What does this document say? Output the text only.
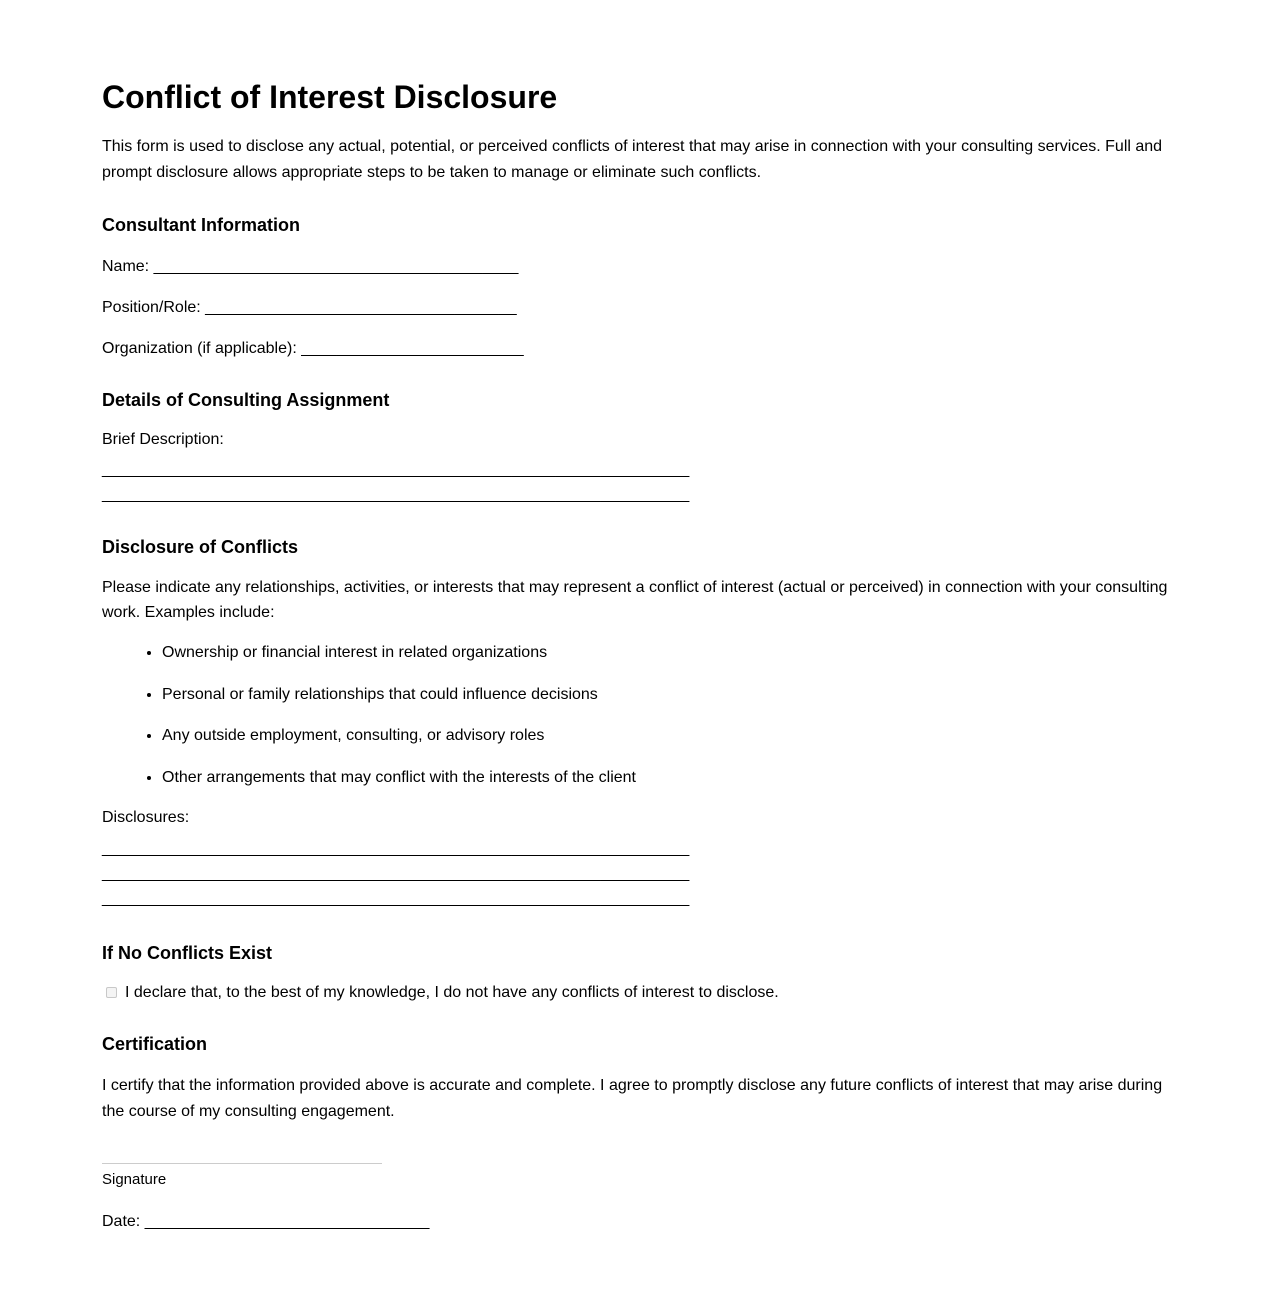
Conflict of Interest Disclosure

This form is used to disclose any actual, potential, or perceived conflicts of interest that may arise in connection with your consulting services. Full and prompt disclosure allows appropriate steps to be taken to manage or eliminate such conflicts.

Consultant Information
Name: _________________________________________
Position/Role: ___________________________________
Organization (if applicable): _________________________
Details of Consulting Assignment
Brief Description:
__________________________________________________________________
__________________________________________________________________
Disclosure of Conflicts

Please indicate any relationships, activities, or interests that may represent a conflict of interest (actual or perceived) in connection with your consulting work. Examples include:

• Ownership or financial interest in related organizations
• Personal or family relationships that could influence decisions
• Any outside employment, consulting, or advisory roles
• Other arrangements that may conflict with the interests of the client
Disclosures:
__________________________________________________________________
__________________________________________________________________
__________________________________________________________________
If No Conflicts Exist
I declare that, to the best of my knowledge, I do not have any conflicts of interest to disclose.
Certification

I certify that the information provided above is accurate and complete. I agree to promptly disclose any future conflicts of interest that may arise during the course of my consulting engagement.

Signature
Date: ________________________________
